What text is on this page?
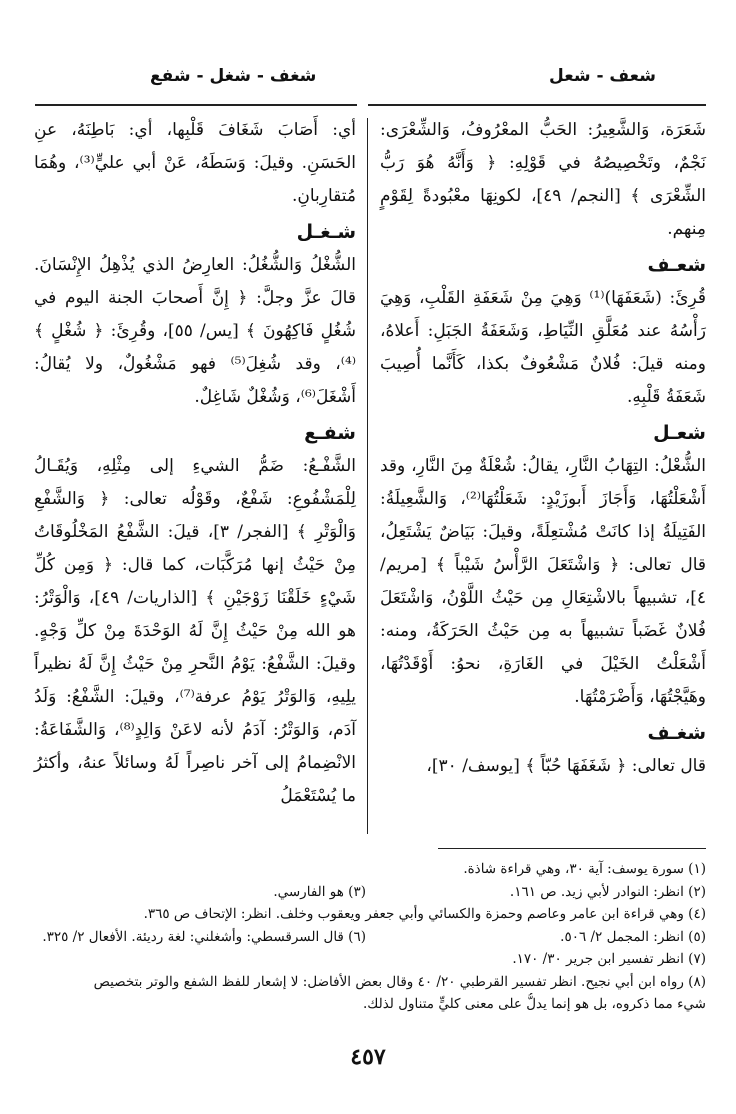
شعف - شعل
شغف - شغل - شفع

شَعَرَة، وَالشَّعِيرُ: الحَبُّ المعْرُوفُ، وَالشِّعْرَى: نَجْمٌ، وتَخْصِيصُهُ في قَوْلِهِ: ﴿ وَأَنَّهُ هُوَ رَبُّ الشِّعْرَى ﴾ [النجم/ ٤٩]، لكونِهَا معْبُودةً لِقَوْمٍ مِنهم.

شعـف

قُرِئَ: (شَعَفَهَا)⁽¹⁾ وَهِيَ مِنْ شَعَفَةِ القَلْبِ، وَهِيَ رَأْسُهُ عند مُعَلَّقِ النِّيَاطِ، وَشَعَفَةُ الجَبَلِ: أَعلاهُ، ومنه قيلَ: فُلانٌ مَشْعُوفٌ بكذا، كَأَنَّما أُصِيبَ شَعَفَةُ قَلْبِهِ.

شعـل

الشُّعْلُ: التِهَابُ النَّارِ، يقالُ: شُعْلَةٌ مِنَ النَّارِ، وقد أَشْعَلْتُهَا، وَأَجَازَ أَبوزَيْدٍ: شَعَلْتُهَا⁽²⁾، وَالشَّعِيلَةُ: الفَتِيلَةُ إذا كانَتْ مُشْتعِلَةً، وقيلَ: بَيَاضٌ يَشْتَعِلُ، قال تعالى: ﴿ وَاشْتَعَلَ الرَّأْسُ شَيْباً ﴾ [مريم/ ٤]، تشبيهاً بالاشْتِعَالِ مِن حَيْثُ اللَّوْنُ، وَاشْتَعَلَ فُلانٌ غَضَباً تشبيهاً به مِن حَيْثُ الحَرَكَةُ، ومنه: أَشْعَلْتُ الخَيْلَ في الغَارَةِ، نحوُ: أَوْقَدْتُهَا، وهَيَّجْتُهَا، وَأَضْرَمْتُهَا.

شغـف

قال تعالى: ﴿ شَغَفَهَا حُبّاً ﴾ [يوسف/ ٣٠]،

أي: أَصَابَ شَغَافَ قَلْبِها، أي: بَاطِنَهُ، عنِ الحَسَنِ. وقيلَ: وَسَطَهُ، عَنْ أبي عليٍّ⁽³⁾، وهُمَا مُتقارِبانِ.

شـغـل

الشُّغْلُ وَالشُّغُلُ: العارِضُ الذي يُذْهِلُ الإِنْسَانَ. قالَ عزَّ وجلَّ: ﴿ إِنَّ أَصحابَ الجنة اليوم في شُغُلٍ فَاكِهُونَ ﴾ [يس/ ٥٥]، وقُرِئَ: ﴿ شُغْلٍ ﴾⁽⁴⁾، وقد شُغِلَ⁽⁵⁾ فهو مَشْغُولٌ، ولا يُقالُ: أَشْغَلَ⁽⁶⁾، وَشُغْلٌ شَاغِلٌ.

شفـع

الشَّفْـعُ: ضَمُّ الشيءِ إلى مِثْلِهِ، وَيُقَـالُ لِلْمَشْفُوعِ: شَفْعٌ، وقَوْلُه تعالى: ﴿ وَالشَّفْعِ وَالْوَتْرِ ﴾ [الفجر/ ٣]، قيلَ: الشَّفْعُ المَخْلُوقَاتُ مِنْ حَيْثُ إنها مُرَكَّبَات، كما قال: ﴿ وَمِن كُلِّ شَيْءٍ خَلَقْنَا زَوْجَيْنِ ﴾ [الذاريات/ ٤٩]، وَالْوَتْرُ: هو الله مِنْ حَيْثُ إِنَّ لَهُ الوَحْدَةَ مِنْ كلِّ وَجْهٍ. وقيلَ: الشَّفْعُ: يَوْمُ النَّحرِ مِنْ حَيْثُ إِنَّ لَهُ نظيراً يلِيهِ، وَالوَتْرُ يَوْمُ عرفة⁽⁷⁾، وقيلَ: الشَّفْعُ: وَلَدُ آدَم، وَالوَتْرُ: آدَمُ لأنه لاعَنْ وَالِدٍ⁽⁸⁾، وَالشَّفَاعَةُ: الانْضِمامُ إلى آخر ناصِراً لَهُ وسائلاً عنهُ، وأكثرُ ما يُسْتَعْمَلُ

(١) سورة يوسف: آية ٣٠، وهي قراءة شاذة.

(٢) انظر: النوادر لأبي زيد. ص ١٦١.
(٣) هو الفارسي.

(٤) وهي قراءة ابن عامر وعاصم وحمزة والكسائي وأبي جعفر ويعقوب وخلف. انظر: الإتحاف ص ٣٦٥.

(٥) انظر: المجمل ٢/ ٥٠٦.
(٦) قال السرقسطي: وأشغلني: لغة رديئة. الأفعال ٢/ ٣٢٥.

(٧) انظر تفسير ابن جرير ٣٠/ ١٧٠.

(٨) رواه ابن أبي نجيح. انظر تفسير القرطبي ٢٠/ ٤٠ وقال بعض الأفاضل: لا إشعار للفظ الشفع والوتر بتخصيص

شيء مما ذكروه، بل هو إنما يدلُّ على معنى كليٍّ متناول لذلك.

٤٥٧
